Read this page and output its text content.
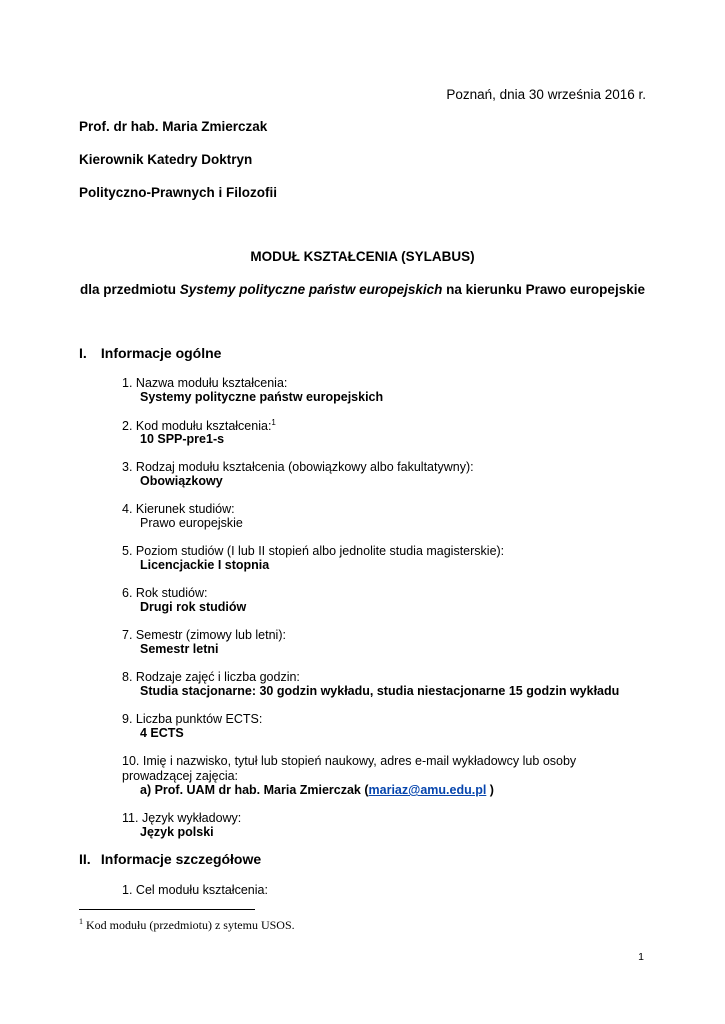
Poznań, dnia 30 września 2016 r.
Prof. dr hab. Maria Zmierczak
Kierownik Katedry Doktryn
Polityczno-Prawnych i Filozofii
MODUŁ KSZTAŁCENIA (SYLABUS)
dla przedmiotu Systemy polityczne państw europejskich na kierunku Prawo europejskie
I. Informacje ogólne
1. Nazwa modułu kształcenia:
Systemy polityczne państw europejskich
2. Kod modułu kształcenia:$^1$
10 SPP-pre1-s
3. Rodzaj modułu kształcenia (obowiązkowy albo fakultatywny):
Obowiązkowy
4. Kierunek studiów:
Prawo europejskie
5. Poziom studiów (I lub II stopień albo jednolite studia magisterskie):
Licencjackie I stopnia
6. Rok studiów:
Drugi rok studiów
7. Semestr (zimowy lub letni):
Semestr letni
8. Rodzaje zajęć i liczba godzin:
Studia stacjonarne: 30 godzin wykładu, studia niestacjonarne 15 godzin wykładu
9. Liczba punktów ECTS:
4 ECTS
10. Imię i nazwisko, tytuł lub stopień naukowy, adres e-mail wykładowcy lub osoby prowadzącej zajęcia:
a) Prof. UAM dr hab. Maria Zmierczak (mariaz@amu.edu.pl )
11. Język wykładowy:
Język polski
II. Informacje szczegółowe
1. Cel modułu kształcenia:
$^1$ Kod modułu (przedmiotu) z sytemu USOS.
1
